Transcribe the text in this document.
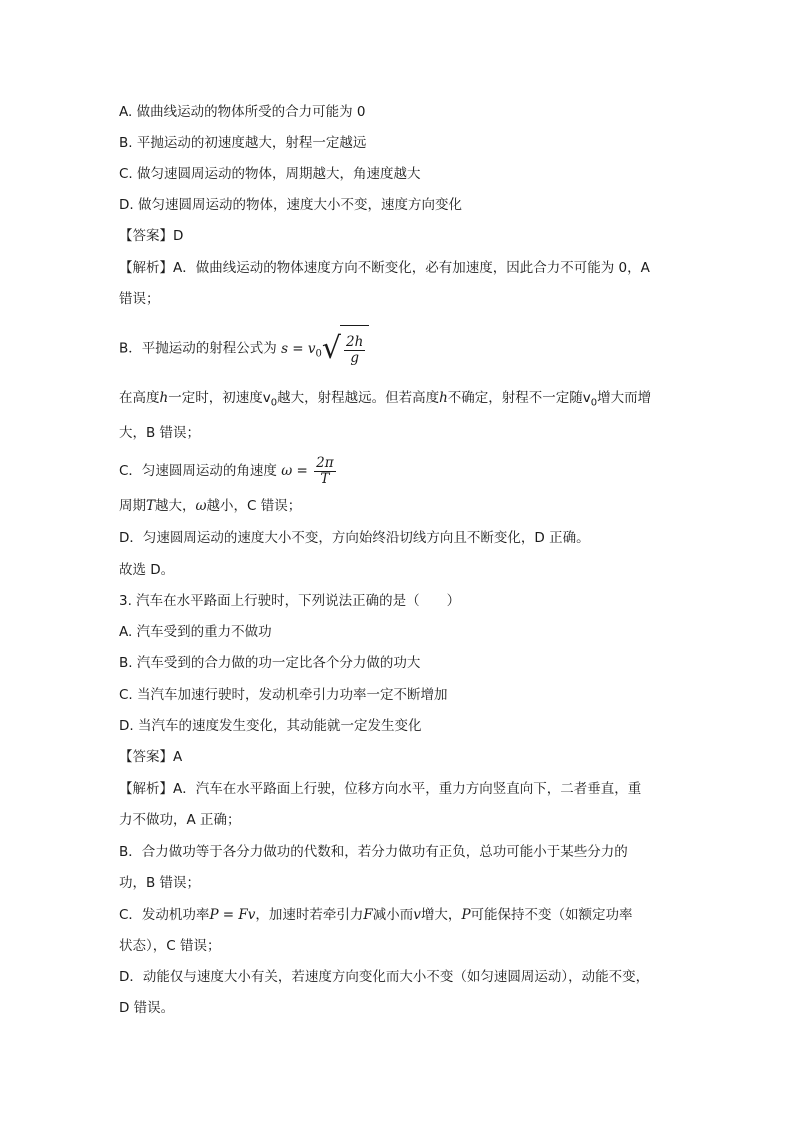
A. 做曲线运动的物体所受的合力可能为 0
B. 平抛运动的初速度越大，射程一定越远
C. 做匀速圆周运动的物体，周期越大，角速度越大
D. 做匀速圆周运动的物体，速度大小不变，速度方向变化
【答案】D
【解析】A．做曲线运动的物体速度方向不断变化，必有加速度，因此合力不可能为 0，A
错误；
B．平抛运动的射程公式为 $s = v_0$ √ $\frac{2h}{g}$
在高度h一定时，初速度$v_0$越大，射程越远。但若高度h不确定，射程不一定随$v_0$增大而增
大，B 错误；
C．匀速圆周运动的角速度 $\omega = \frac{2\pi}{T}$
周期T越大，ω越小，C 错误；
D．匀速圆周运动的速度大小不变，方向始终沿切线方向且不断变化，D 正确。
故选 D。
3. 汽车在水平路面上行驶时，下列说法正确的是（　　）
A. 汽车受到的重力不做功
B. 汽车受到的合力做的功一定比各个分力做的功大
C. 当汽车加速行驶时，发动机牵引力功率一定不断增加
D. 当汽车的速度发生变化，其动能就一定发生变化
【答案】A
【解析】A．汽车在水平路面上行驶，位移方向水平，重力方向竖直向下，二者垂直，重
力不做功，A 正确；
B．合力做功等于各分力做功的代数和，若分力做功有正负，总功可能小于某些分力的
功，B 错误；
C．发动机功率P = Fv，加速时若牵引力F减小而v增大，P可能保持不变（如额定功率
状态），C 错误；
D．动能仅与速度大小有关，若速度方向变化而大小不变（如匀速圆周运动），动能不变，
D 错误。
